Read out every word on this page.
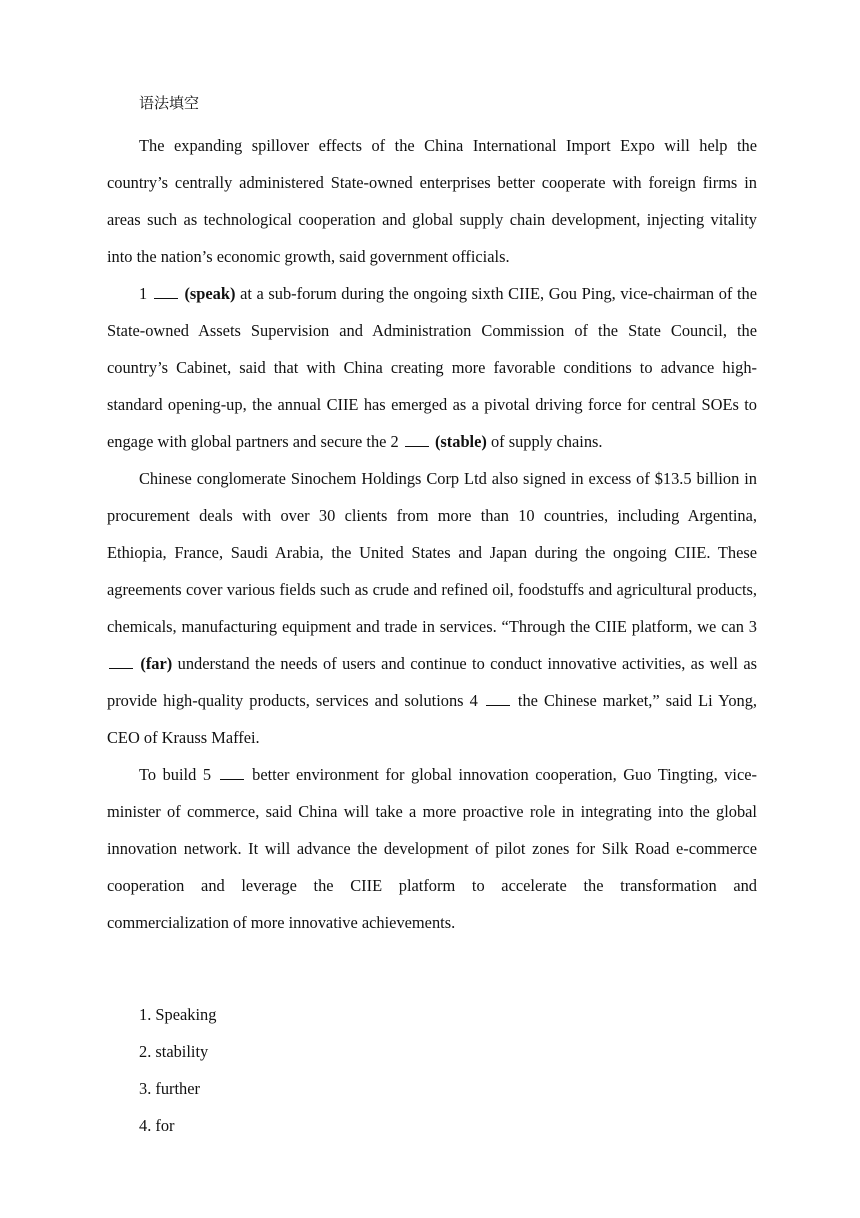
语法填空

The expanding spillover effects of the China International Import Expo will help the country’s centrally administered State-owned enterprises better cooperate with foreign firms in areas such as technological cooperation and global supply chain development, injecting vitality into the nation’s economic growth, said government officials.

1 (speak) at a sub-forum during the ongoing sixth CIIE, Gou Ping, vice-chairman of the State-owned Assets Supervision and Administration Commission of the State Council, the country’s Cabinet, said that with China creating more favorable conditions to advance high-standard opening-up, the annual CIIE has emerged as a pivotal driving force for central SOEs to engage with global partners and secure the 2 (stable) of supply chains.

Chinese conglomerate Sinochem Holdings Corp Ltd also signed in excess of $13.5 billion in procurement deals with over 30 clients from more than 10 countries, including Argentina, Ethiopia, France, Saudi Arabia, the United States and Japan during the ongoing CIIE. These agreements cover various fields such as crude and refined oil, foodstuffs and agricultural products, chemicals, manufacturing equipment and trade in services. “Through the CIIE platform, we can 3  (far) understand the needs of users and continue to conduct innovative activities, as well as provide high-quality products, services and solutions 4 the Chinese market,” said Li Yong, CEO of Krauss Maffei.

To build 5	better environment for global innovation cooperation, Guo Tingting, vice-minister of commerce, said China will take a more proactive role in integrating into the global innovation network. It will advance the development of pilot zones for Silk Road e-commerce cooperation and leverage the CIIE platform to accelerate the transformation and commercialization of more innovative achievements.

1. Speaking

2. stability

3. further

4. for
